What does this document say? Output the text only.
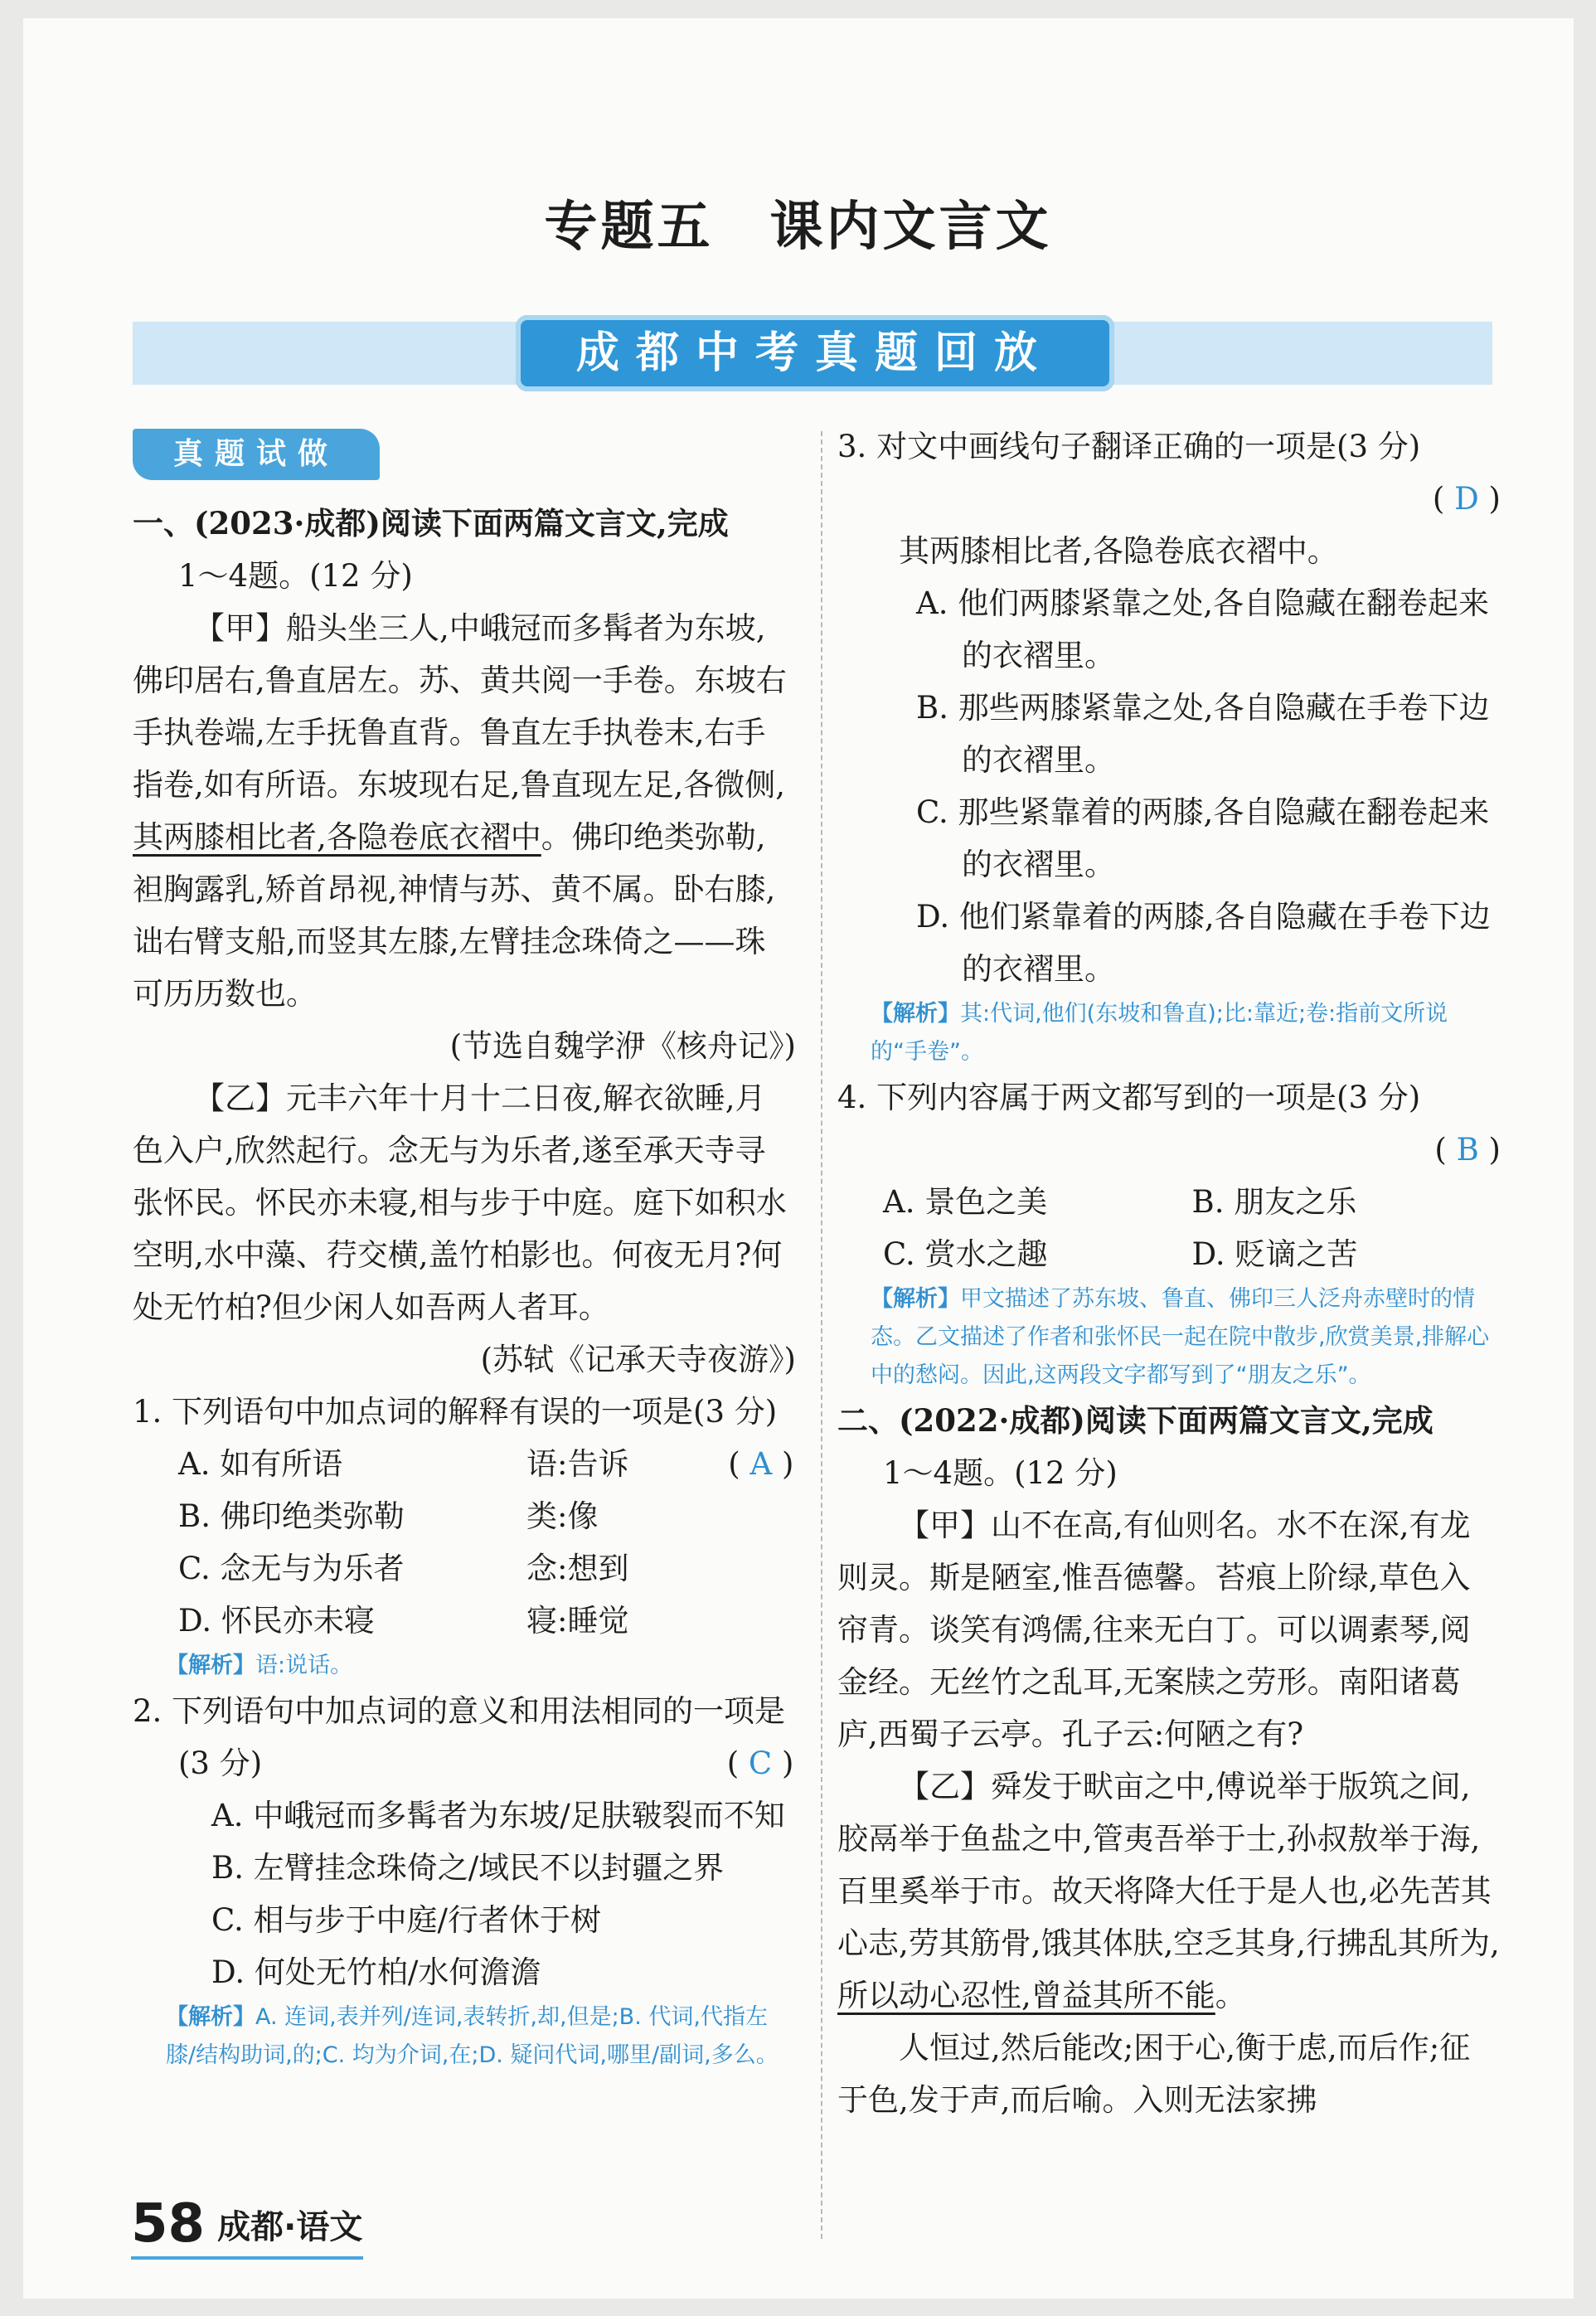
专题五　课内文言文
成都中考真题回放
真题试做

一、(2023·成都)阅读下面两篇文言文,完成

1～4题。(12 分)

【甲】船头坐三人,中峨冠而多髯者为东坡,佛印居右,鲁直居左。苏、黄共阅一手卷。东坡右手执卷端,左手抚鲁直背。鲁直左手执卷末,右手指卷,如有所语。东坡现右足,鲁直现左足,各微侧,其两膝相比者,各隐卷底衣褶中。佛印绝类弥勒,袒胸露乳,矫首昂视,神情与苏、黄不属。卧右膝,诎右臂支船,而竖其左膝,左臂挂念珠倚之——珠可历历数也。

(节选自魏学洢《核舟记》)

【乙】元丰六年十月十二日夜,解衣欲睡,月色入户,欣然起行。念无与为乐者,遂至承天寺寻张怀民。怀民亦未寝,相与步于中庭。庭下如积水空明,水中藻、荇交横,盖竹柏影也。何夜无月?何处无竹柏?但少闲人如吾两人者耳。

(苏轼《记承天寺夜游》)

1. 下列语句中加点词的解释有误的一项是(3 分)
( A )

A. 如有所语	语:告诉
B. 佛印绝类弥勒	类:像
C. 念无与为乐者	念:想到
D. 怀民亦未寝	寝:睡觉

【解析】语:说话。

2. 下列语句中加点词的意义和用法相同的一项是(3 分)
(	C )

A. 中峨冠而多髯者为东坡/足肤皲裂而不知

B. 左臂挂念珠倚之/域民不以封疆之界

C. 相与步于中庭/行者休于树

D. 何处无竹柏/水何澹澹

【解析】A. 连词,表并列/连词,表转折,却,但是;B. 代词,代指左膝/结构助词,的;C. 均为介词,在;D. 疑问代词,哪里/副词,多么。

3. 对文中画线句子翻译正确的一项是(3 分)

( D )

其两膝相比者,各隐卷底衣褶中。

A. 他们两膝紧靠之处,各自隐藏在翻卷起来的衣褶里。

B. 那些两膝紧靠之处,各自隐藏在手卷下边的衣褶里。

C. 那些紧靠着的两膝,各自隐藏在翻卷起来的衣褶里。

D. 他们紧靠着的两膝,各自隐藏在手卷下边的衣褶里。

【解析】其:代词,他们(东坡和鲁直);比:靠近;卷:指前文所说的“手卷”。

4. 下列内容属于两文都写到的一项是(3 分)

( B )

A. 景色之美	B. 朋友之乐
C. 赏水之趣	D. 贬谪之苦

【解析】甲文描述了苏东坡、鲁直、佛印三人泛舟赤壁时的情态。乙文描述了作者和张怀民一起在院中散步,欣赏美景,排解心中的愁闷。因此,这两段文字都写到了“朋友之乐”。

二、(2022·成都)阅读下面两篇文言文,完成

1～4题。(12 分)

【甲】山不在高,有仙则名。水不在深,有龙则灵。斯是陋室,惟吾德馨。苔痕上阶绿,草色入帘青。谈笑有鸿儒,往来无白丁。可以调素琴,阅金经。无丝竹之乱耳,无案牍之劳形。南阳诸葛庐,西蜀子云亭。孔子云:何陋之有?

【乙】舜发于畎亩之中,傅说举于版筑之间,胶鬲举于鱼盐之中,管夷吾举于士,孙叔敖举于海,百里奚举于市。故天将降大任于是人也,必先苦其心志,劳其筋骨,饿其体肤,空乏其身,行拂乱其所为,所以动心忍性,曾益其所不能。

人恒过,然后能改;困于心,衡于虑,而后作;征于色,发于声,而后喻。入则无法家拂

58 成都·语文
